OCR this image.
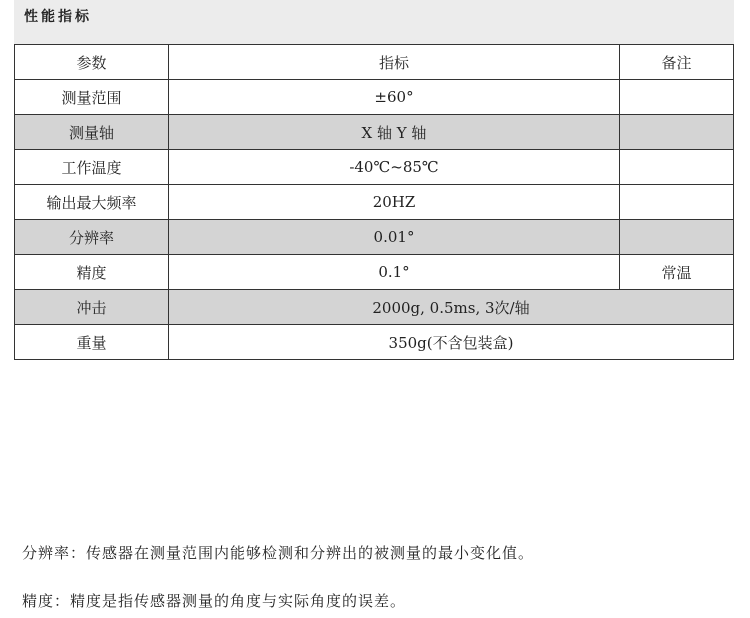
性能指标
参数	指标	备注
测量范围	±60°	
测量轴	X 轴 Y 轴	
工作温度	-40℃~85℃	
输出最大频率	20HZ	
分辨率	0.01°	
精度	0.1°	常温
冲击	2000g, 0.5ms, 3次/轴	
重量	350g(不含包装盒)	
分辨率：传感器在测量范围内能够检测和分辨出的被测量的最小变化值。
精度：精度是指传感器测量的角度与实际角度的误差。
